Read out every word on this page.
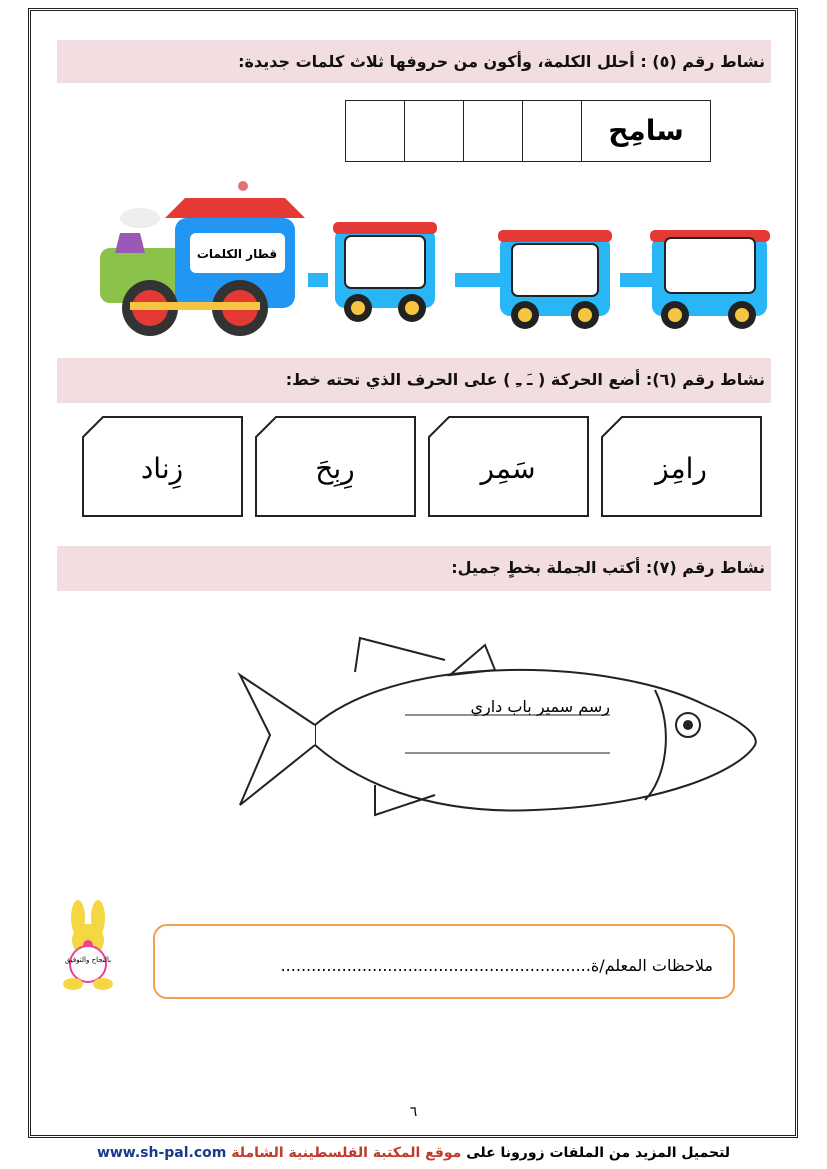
نشاط رقم (٥) : أحلل الكلمة، وأكون من حروفها ثلاث كلمات جديدة:
سامِح
قطار الكلمات
نشاط رقم (٦): أضع الحركة ( ـَ ـِ ) على الحرف الذي تحته خط:
رامِز
سَمِر
رِبِحَ
زِناد
نشاط رقم (٧): أكتب الجملة بخطٍ جميل:
رسم سمير باب داري
بالنجاح والتوفيق	ملاحظات المعلم/ة.............................................................
٦
لتحميل المزيد من الملفات زورونا على موقع المكتبة الفلسطينية الشاملة www.sh-pal.com
